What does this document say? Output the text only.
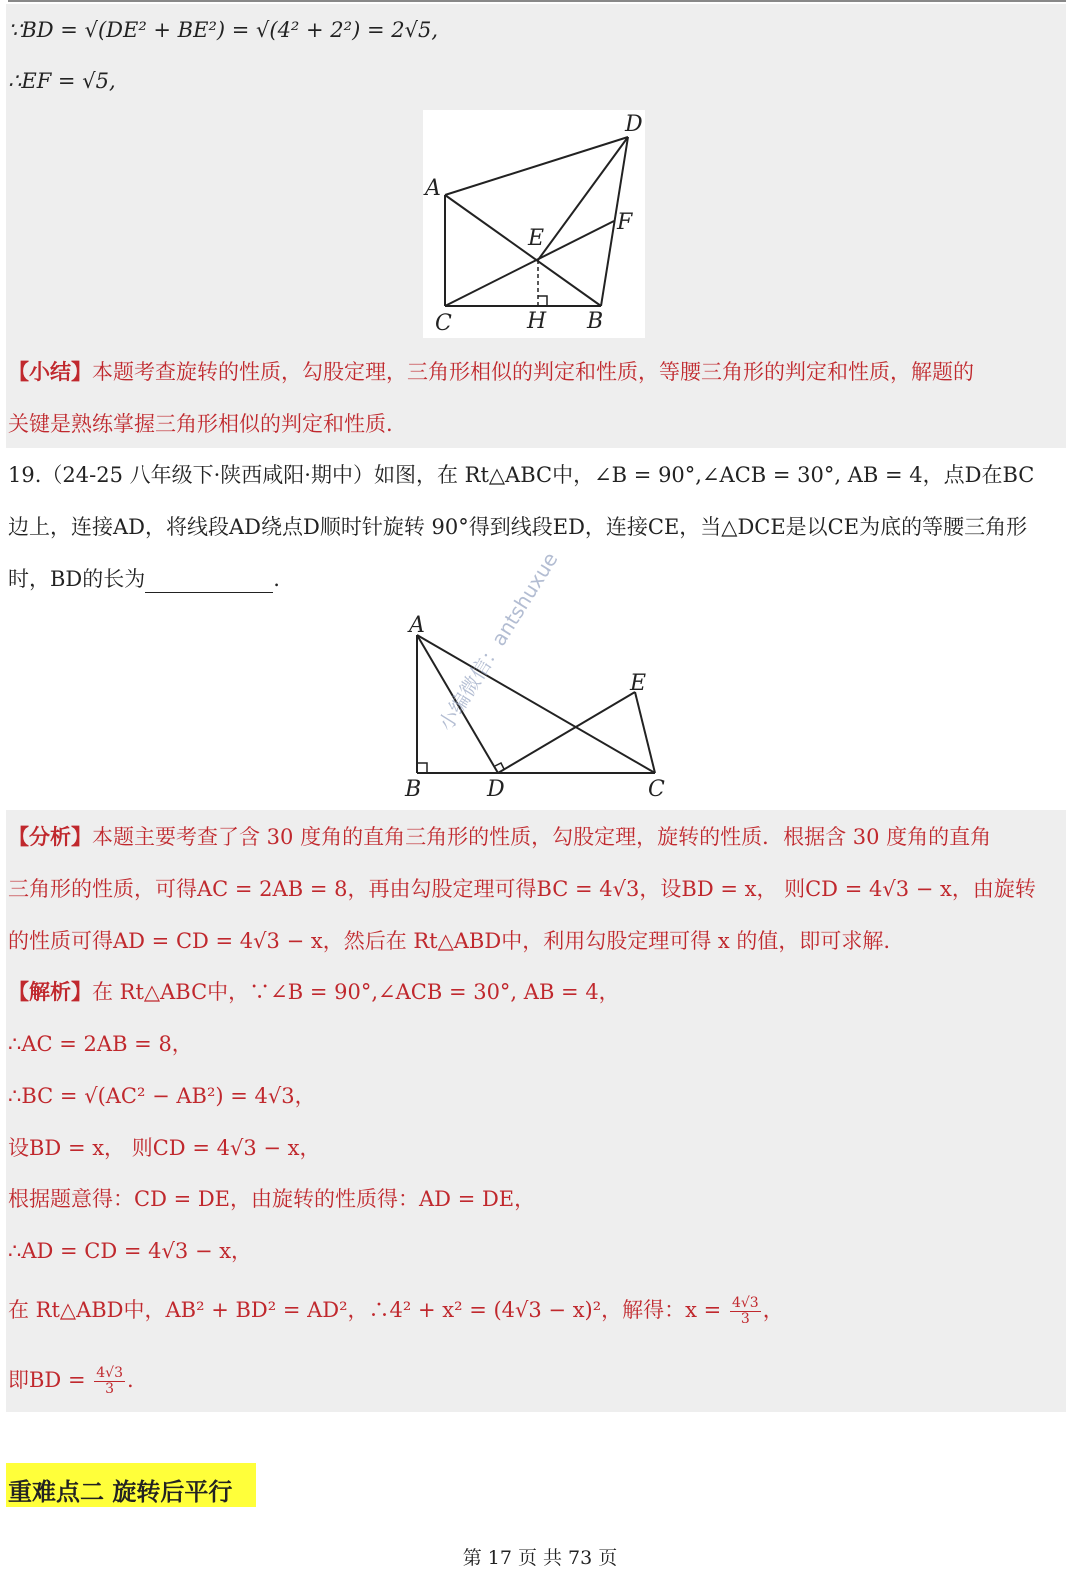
∵BD = √(DE² + BE²) = √(4² + 2²) = 2√5,
∴EF = √5,
A
D
E
F
C	H B
【小结】本题考查旋转的性质，勾股定理，三角形相似的判定和性质，等腰三角形的判定和性质，解题的
关键是熟练掌握三角形相似的判定和性质.
19.（24-25 八年级下·陕西咸阳·期中）如图，在 Rt△ABC中，∠B = 90°,∠ACB = 30°, AB = 4，点D在BC
边上，连接AD，将线段AD绕点D顺时针旋转 90°得到线段ED，连接CE，当△DCE是以CE为底的等腰三角形
时，BD的长为	.
A
B	D	C
E
【分析】本题主要考查了含 30 度角的直角三角形的性质，勾股定理，旋转的性质．根据含 30 度角的直角
三角形的性质，可得AC = 2AB = 8，再由勾股定理可得BC = 4√3，设BD = x， 则CD = 4√3 − x，由旋转
的性质可得AD = CD = 4√3 − x，然后在 Rt△ABD中，利用勾股定理可得 x 的值，即可求解.
【解析】在 Rt△ABC中，∵∠B = 90°,∠ACB = 30°, AB = 4，
∴AC = 2AB = 8，
∴BC = √(AC² − AB²) = 4√3，
设BD = x， 则CD = 4√3 − x，
根据题意得：CD = DE，由旋转的性质得：AD = DE，
∴AD = CD = 4√3 − x，
在 Rt△ABD中，AB² + BD² = AD²，∴4² + x² = (4√3 − x)²，解得：$x = \frac{4√3}{3}$ ，
即BD = $\frac{4√3}{3}$ .
小编微信：antshuxue
重难点二 旋转后平行
第 17 页 共 73 页
